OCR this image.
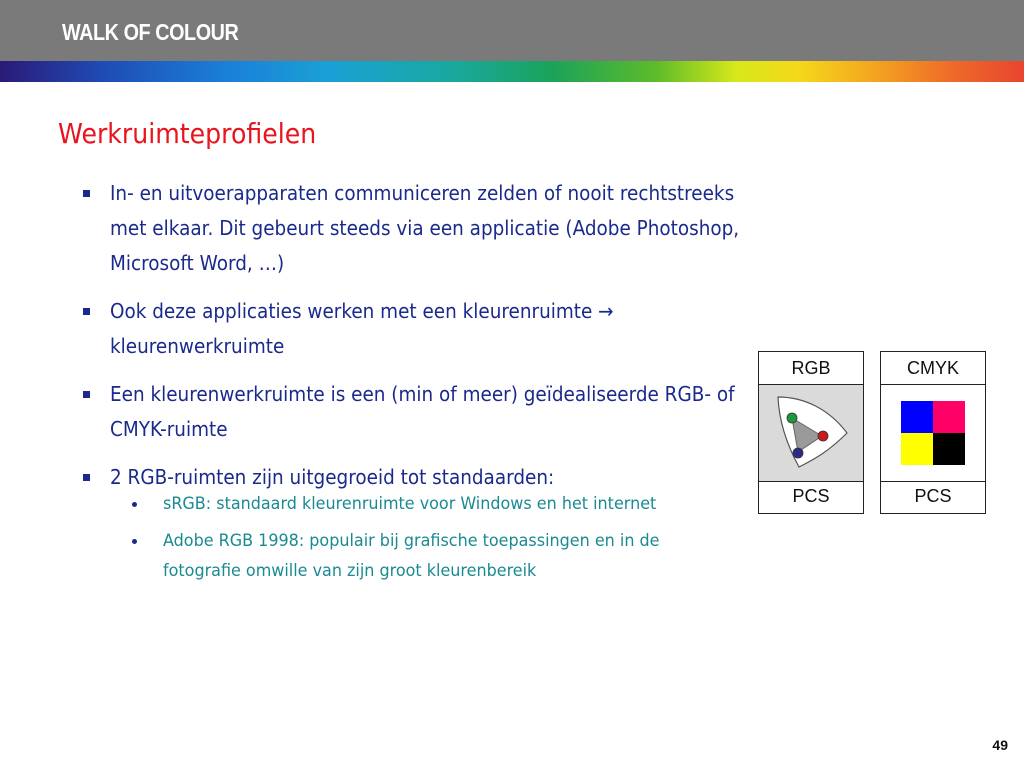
WALK OF COLOUR
Werkruimteprofielen
In- en uitvoerapparaten communiceren zelden of nooit rechtstreeks met elkaar. Dit gebeurt steeds via een applicatie (Adobe Photoshop, Microsoft Word, …)
Ook deze applicaties werken met een kleurenruimte → kleurenwerkruimte
Een kleurenwerkruimte is een (min of meer) geïdealiseerde RGB- of CMYK-ruimte
2 RGB-ruimten zijn uitgegroeid tot standaarden:
sRGB: standaard kleurenruimte voor Windows en het internet
Adobe RGB 1998: populair bij grafische toepassingen en in de fotografie omwille van zijn groot kleurenbereik
RGB
PCS
CMYK
PCS
49
